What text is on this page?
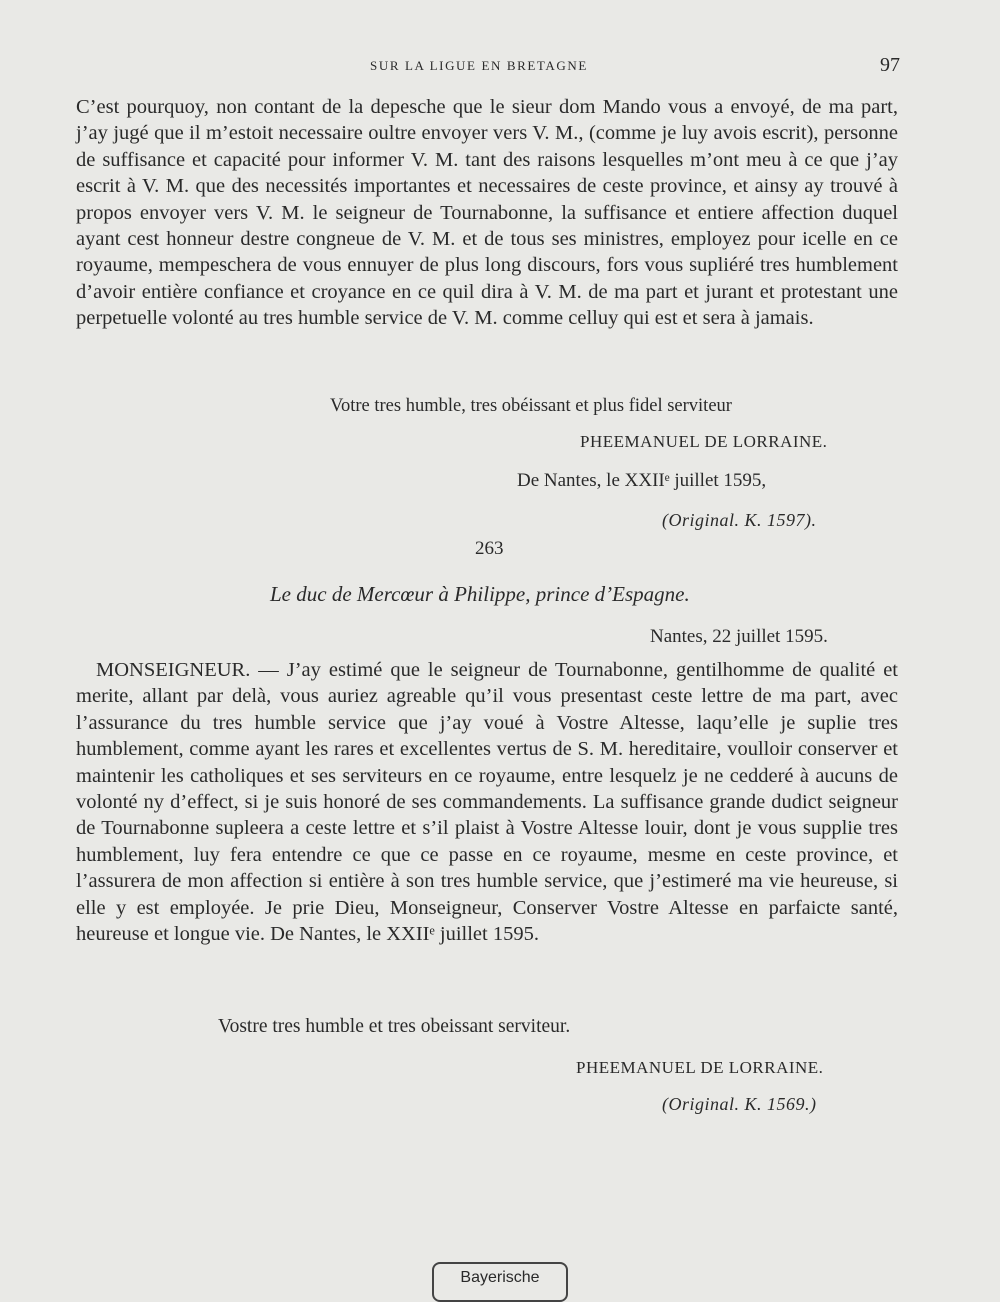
SUR LA LIGUE EN BRETAGNE	97

C’est pourquoy, non contant de la depesche que le sieur dom Mando vous a envoyé, de ma part, j’ay jugé que il m’estoit necessaire oultre envoyer vers V. M., (comme je luy avois escrit), personne de suffisance et capacité pour informer V. M. tant des raisons lesquelles m’ont meu à ce que j’ay escrit à V. M. que des necessités importantes et necessaires de ceste province, et ainsy ay trouvé à propos envoyer vers V. M. le seigneur de Tournabonne, la suffisance et entiere affection duquel ayant cest honneur destre congneue de V. M. et de tous ses ministres, employez pour icelle en ce royaume, mempeschera de vous ennuyer de plus long discours, fors vous supliéré tres humblement d’avoir entière confiance et croyance en ce quil dira à V. M. de ma part et jurant et protestant une perpetuelle volonté au tres humble service de V. M. comme celluy qui est et sera à jamais.

Votre tres humble, tres obéissant et plus fidel serviteur
PHEEMANUEL DE LORRAINE.
De Nantes, le XXIIᵉ juillet 1595,
(Original. K. 1597).
263
Le duc de Mercœur à Philippe, prince d’Espagne.
Nantes, 22 juillet 1595.

MONSEIGNEUR. — J’ay estimé que le seigneur de Tournabonne, gentilhomme de qualité et merite, allant par delà, vous auriez agreable qu’il vous presentast ceste lettre de ma part, avec l’assurance du tres humble service que j’ay voué à Vostre Altesse, laqu’elle je suplie tres humblement, comme ayant les rares et excellentes vertus de S. M. hereditaire, voulloir conserver et maintenir les catholiques et ses serviteurs en ce royaume, entre lesquelz je ne cedderé à aucuns de volonté ny d’effect, si je suis honoré de ses commandements. La suffisance grande dudict seigneur de Tournabonne supleera a ceste lettre et s’il plaist à Vostre Altesse louir, dont je vous supplie tres humblement, luy fera entendre ce que ce passe en ce royaume, mesme en ceste province, et l’assurera de mon affection si entière à son tres humble service, que j’estimeré ma vie heureuse, si elle y est employée. Je prie Dieu, Monseigneur, Conserver Vostre Altesse en parfaicte santé, heureuse et longue vie. De Nantes, le XXIIᵉ juillet 1595.

Vostre tres humble et tres obeissant serviteur.
PHEEMANUEL DE LORRAINE.
(Original. K. 1569.)
Bayerische
